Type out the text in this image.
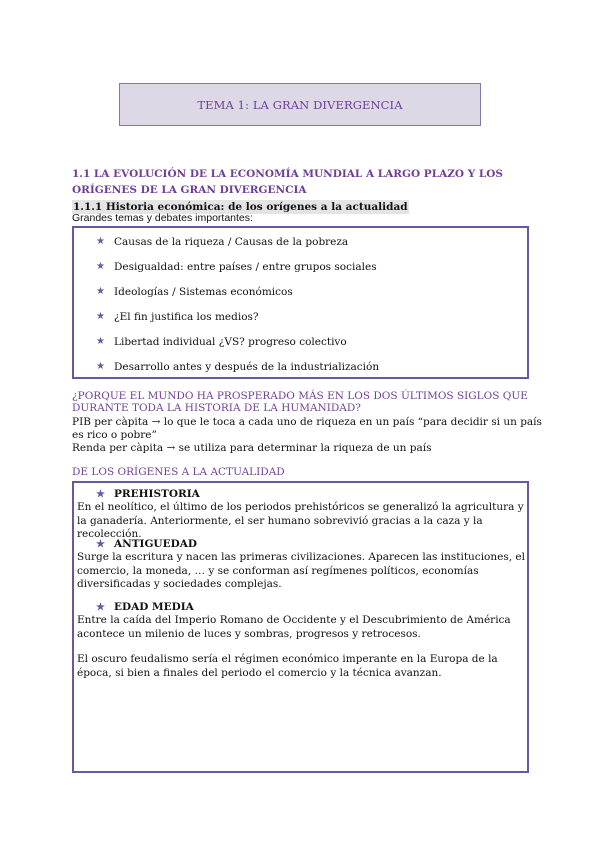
TEMA 1: LA GRAN DIVERGENCIA
1.1 LA EVOLUCIÓN DE LA ECONOMÍA MUNDIAL A LARGO PLAZO Y LOS ORÍGENES DE LA GRAN DIVERGENCIA
1.1.1 Historia económica: de los orígenes a la actualidad
Grandes temas y debates importantes:
★ Causas de la riqueza / Causas de la pobreza
★ Desigualdad: entre países / entre grupos sociales
★ Ideologías / Sistemas económicos
★ ¿El fin justifica los medios?
★ Libertad individual ¿VS? progreso colectivo
★ Desarrollo antes y después de la industrialización
¿PORQUE EL MUNDO HA PROSPERADO MÁS EN LOS DOS ÚLTIMOS SIGLOS QUE DURANTE TODA LA HISTORIA DE LA HUMANIDAD?
PIB per càpita → lo que le toca a cada uno de riqueza en un país “para decidir si un país es rico o pobre”
Renda per càpita → se utiliza para determinar la riqueza de un país
DE LOS ORÍGENES A LA ACTUALIDAD
★ PREHISTORIA
En el neolítico, el último de los periodos prehistóricos se generalizó la agricultura y la ganadería. Anteriormente, el ser humano sobrevivió gracias a la caza y la recolección.
★ ANTIGUEDAD
Surge la escritura y nacen las primeras civilizaciones. Aparecen las instituciones, el comercio, la moneda, … y se conforman así regímenes políticos, economías diversificadas y sociedades complejas.
★ EDAD MEDIA
Entre la caída del Imperio Romano de Occidente y el Descubrimiento de América acontece un milenio de luces y sombras, progresos y retrocesos.
El oscuro feudalismo sería el régimen económico imperante en la Europa de la época, si bien a finales del periodo el comercio y la técnica avanzan.
